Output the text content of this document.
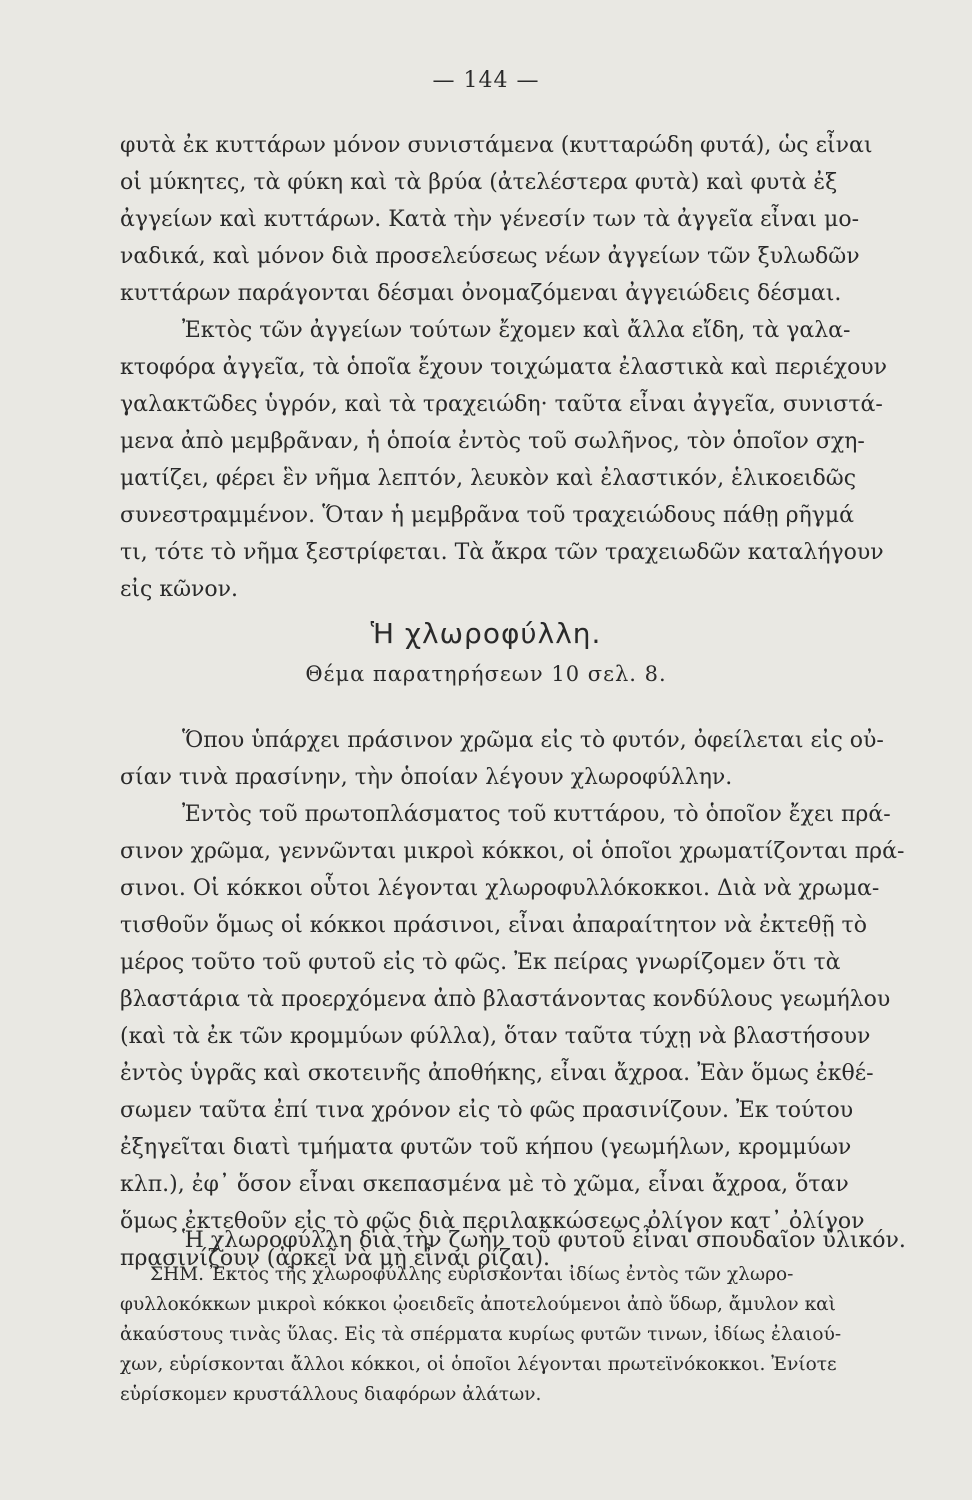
— 144 —
φυτὰ ἐκ κυττάρων μόνον συνιστάμενα (κυτταρώδη φυτά), ὡς εἶναι
οἱ μύκητες, τὰ φύκη καὶ τὰ βρύα (ἀτελέστερα φυτὰ) καὶ φυτὰ ἐξ
ἀγγείων καὶ κυττάρων. Κατὰ τὴν γένεσίν των τὰ ἀγγεῖα εἶναι μο-
ναδικά, καὶ μόνον διὰ προσελεύσεως νέων ἀγγείων τῶν ξυλωδῶν
κυττάρων παράγονται δέσμαι ὀνομαζόμεναι ἀγγειώδεις δέσμαι.
Ἐκτὸς τῶν ἀγγείων τούτων ἔχομεν καὶ ἄλλα εἴδη, τὰ γαλα-
κτοφόρα ἀγγεῖα, τὰ ὁποῖα ἔχουν τοιχώματα ἐλαστικὰ καὶ περιέχουν
γαλακτῶδες ὑγρόν, καὶ τὰ τραχειώδη· ταῦτα εἶναι ἀγγεῖα, συνιστά-
μενα ἀπὸ μεμβρᾶναν, ἡ ὁποία ἐντὸς τοῦ σωλῆνος, τὸν ὁποῖον σχη-
ματίζει, φέρει ἓν νῆμα λεπτόν, λευκὸν καὶ ἐλαστικόν, ἑλικοειδῶς
συνεστραμμένον. Ὅταν ἡ μεμβρᾶνα τοῦ τραχειώδους πάθῃ ρῆγμά
τι, τότε τὸ νῆμα ξεστρίφεται. Τὰ ἄκρα τῶν τραχειωδῶν καταλήγουν
εἰς κῶνον.
Ἡ χλωροφύλλη.
Θέμα παρατηρήσεων 10 σελ. 8.
Ὅπου ὑπάρχει πράσινον χρῶμα εἰς τὸ φυτόν, ὀφείλεται εἰς οὐ-
σίαν τινὰ πρασίνην, τὴν ὁποίαν λέγουν χλωροφύλλην.
Ἐντὸς τοῦ πρωτοπλάσματος τοῦ κυττάρου, τὸ ὁποῖον ἔχει πρά-
σινον χρῶμα, γεννῶνται μικροὶ κόκκοι, οἱ ὁποῖοι χρωματίζονται πρά-
σινοι. Οἱ κόκκοι οὗτοι λέγονται χλωροφυλλόκοκκοι. Διὰ νὰ χρωμα-
τισθοῦν ὅμως οἱ κόκκοι πράσινοι, εἶναι ἀπαραίτητον νὰ ἐκτεθῇ τὸ
μέρος τοῦτο τοῦ φυτοῦ εἰς τὸ φῶς. Ἐκ πείρας γνωρίζομεν ὅτι τὰ
βλαστάρια τὰ προερχόμενα ἀπὸ βλαστάνοντας κονδύλους γεωμήλου
(καὶ τὰ ἐκ τῶν κρομμύων φύλλα), ὅταν ταῦτα τύχῃ νὰ βλαστήσουν
ἐντὸς ὑγρᾶς καὶ σκοτεινῆς ἀποθήκης, εἶναι ἄχροα. Ἐὰν ὅμως ἐκθέ-
σωμεν ταῦτα ἐπί τινα χρόνον εἰς τὸ φῶς πρασινίζουν. Ἐκ τούτου
ἐξηγεῖται διατὶ τμήματα φυτῶν τοῦ κήπου (γεωμήλων, κρομμύων
κλπ.), ἐφ᾿ ὅσον εἶναι σκεπασμένα μὲ τὸ χῶμα, εἶναι ἄχροα, ὅταν
ὅμως ἐκτεθοῦν εἰς τὸ φῶς διὰ περιλακκώσεως ὀλίγον κατ᾿ ὀλίγον
πρασινίζουν (ἀρκεῖ νὰ μὴ εἶναι ρίζαι).
Ἡ χλωροφύλλη διὰ τὴν ζωὴν τοῦ φυτοῦ εἶναι σπουδαῖον ὑλικόν.
ΣΗΜ. Ἐκτὸς τῆς χλωροφύλλης εὑρίσκονται ἰδίως ἐντὸς τῶν χλωρο-
φυλλοκόκκων μικροὶ κόκκοι ᾠοειδεῖς ἀποτελούμενοι ἀπὸ ὕδωρ, ἄμυλον καὶ
ἀκαύστους τινὰς ὕλας. Εἰς τὰ σπέρματα κυρίως φυτῶν τινων, ἰδίως ἐλαιού-
χων, εὑρίσκονται ἄλλοι κόκκοι, οἱ ὁποῖοι λέγονται πρωτεϊνόκοκκοι. Ἐνίοτε
εὑρίσκομεν κρυστάλλους διαφόρων ἀλάτων.
